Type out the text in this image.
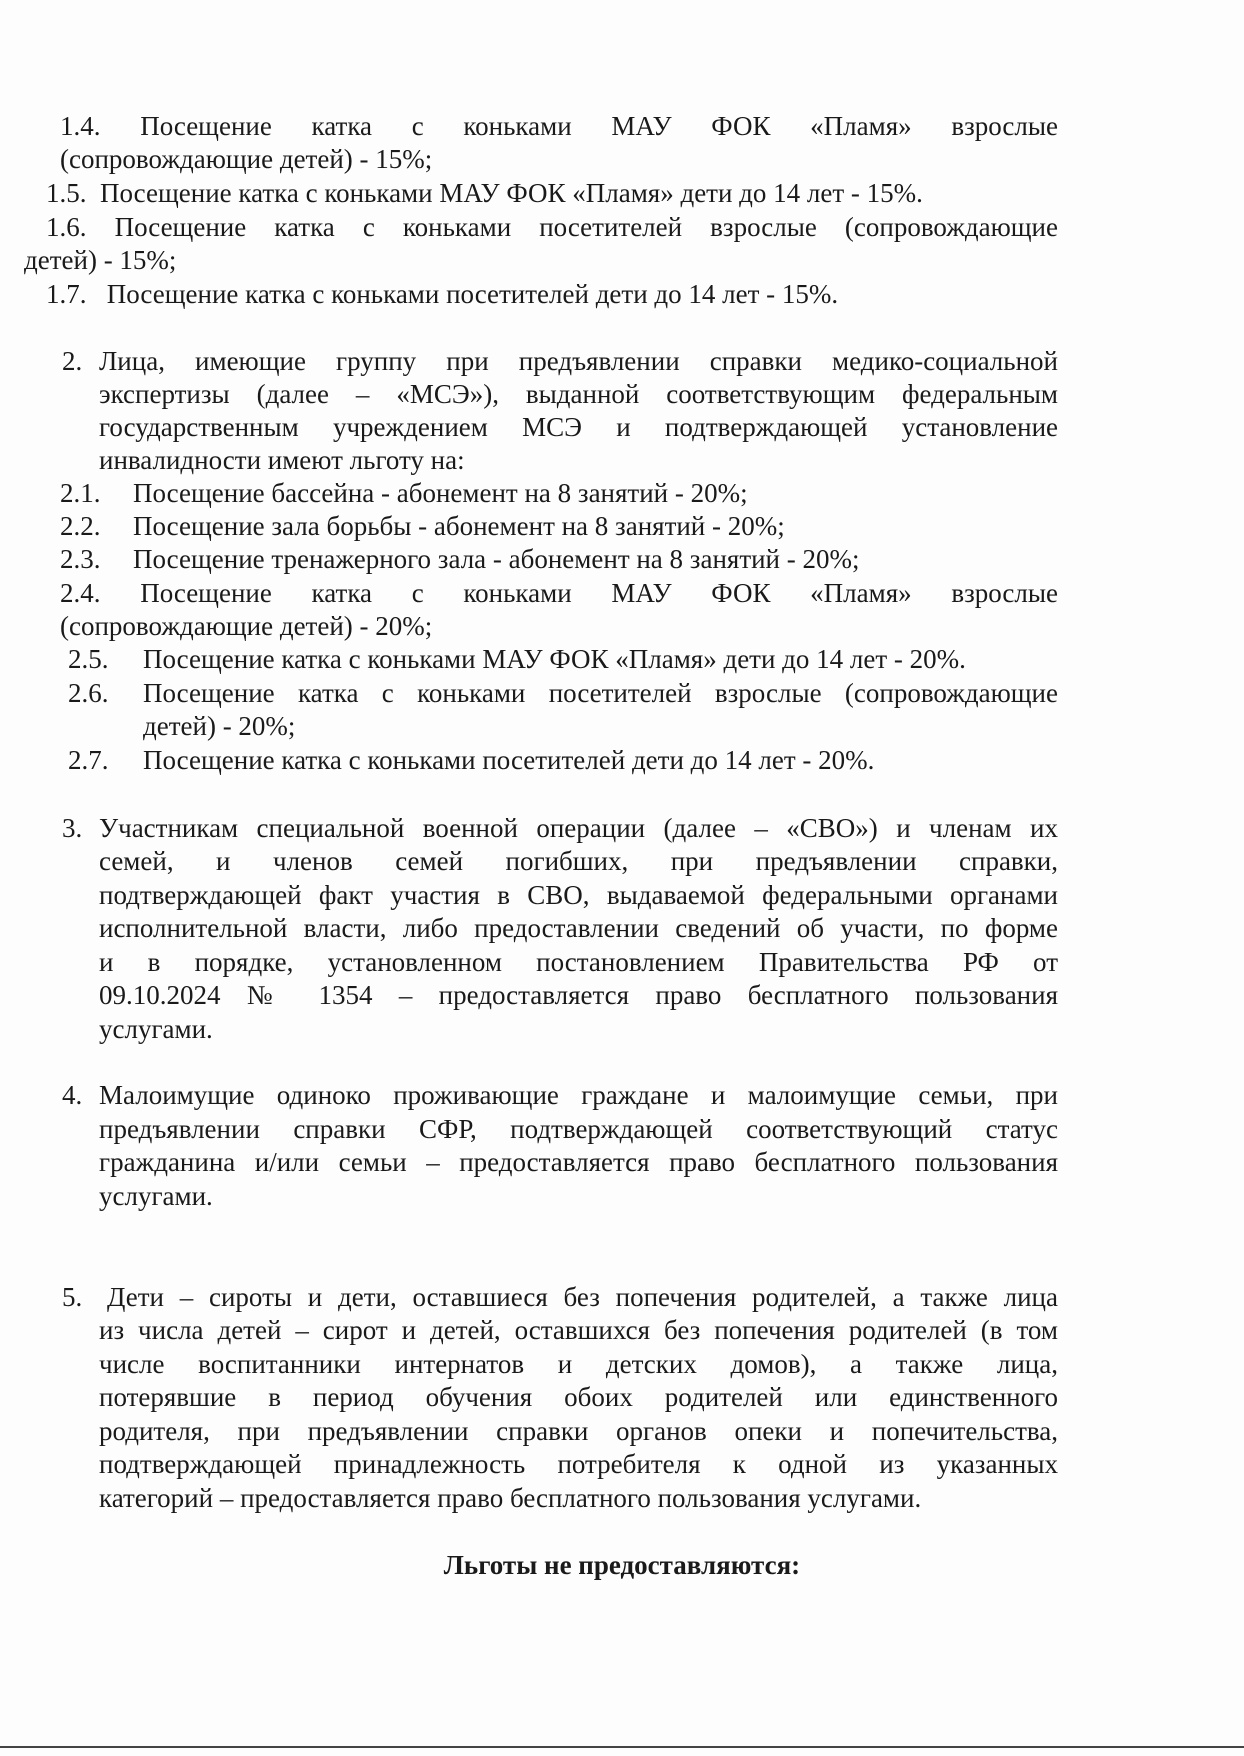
1.4. Посещение катка с коньками МАУ ФОК «Пламя» взрослые
(сопровождающие детей) - 15%;
1.5. Посещение катка с коньками МАУ ФОК «Пламя» дети до 14 лет - 15%.
1.6. Посещение катка с коньками посетителей взрослые (сопровождающие
детей) - 15%;
1.7. Посещение катка с коньками посетителей дети до 14 лет - 15%.
2. Лица, имеющие группу при предъявлении справки медико-социальной
экспертизы (далее – «МСЭ»), выданной соответствующим федеральным
государственным учреждением МСЭ и подтверждающей установление
инвалидности имеют льготу на:
2.1. Посещение бассейна - абонемент на 8 занятий - 20%;
2.2. Посещение зала борьбы - абонемент на 8 занятий - 20%;
2.3. Посещение тренажерного зала - абонемент на 8 занятий - 20%;
2.4. Посещение катка с коньками МАУ ФОК «Пламя» взрослые
(сопровождающие детей) - 20%;
2.5. Посещение катка с коньками МАУ ФОК «Пламя» дети до 14 лет - 20%.
2.6. Посещение катка с коньками посетителей взрослые (сопровождающие
детей) - 20%;
2.7. Посещение катка с коньками посетителей дети до 14 лет - 20%.
3. Участникам специальной военной операции (далее – «СВО») и членам их
семей, и членов семей погибших, при предъявлении справки,
подтверждающей факт участия в СВО, выдаваемой федеральными органами
исполнительной власти, либо предоставлении сведений об участи, по форме
и в порядке, установленном постановлением Правительства РФ от
09.10.2024 № 1354 – предоставляется право бесплатного пользования
услугами.
4. Малоимущие одиноко проживающие граждане и малоимущие семьи, при
предъявлении справки СФР, подтверждающей соответствующий статус
гражданина и/или семьи – предоставляется право бесплатного пользования
услугами.
5. Дети – сироты и дети, оставшиеся без попечения родителей, а также лица
из числа детей – сирот и детей, оставшихся без попечения родителей (в том
числе воспитанники интернатов и детских домов), а также лица,
потерявшие в период обучения обоих родителей или единственного
родителя, при предъявлении справки органов опеки и попечительства,
подтверждающей принадлежность потребителя к одной из указанных
категорий – предоставляется право бесплатного пользования услугами.
Льготы не предоставляются:
